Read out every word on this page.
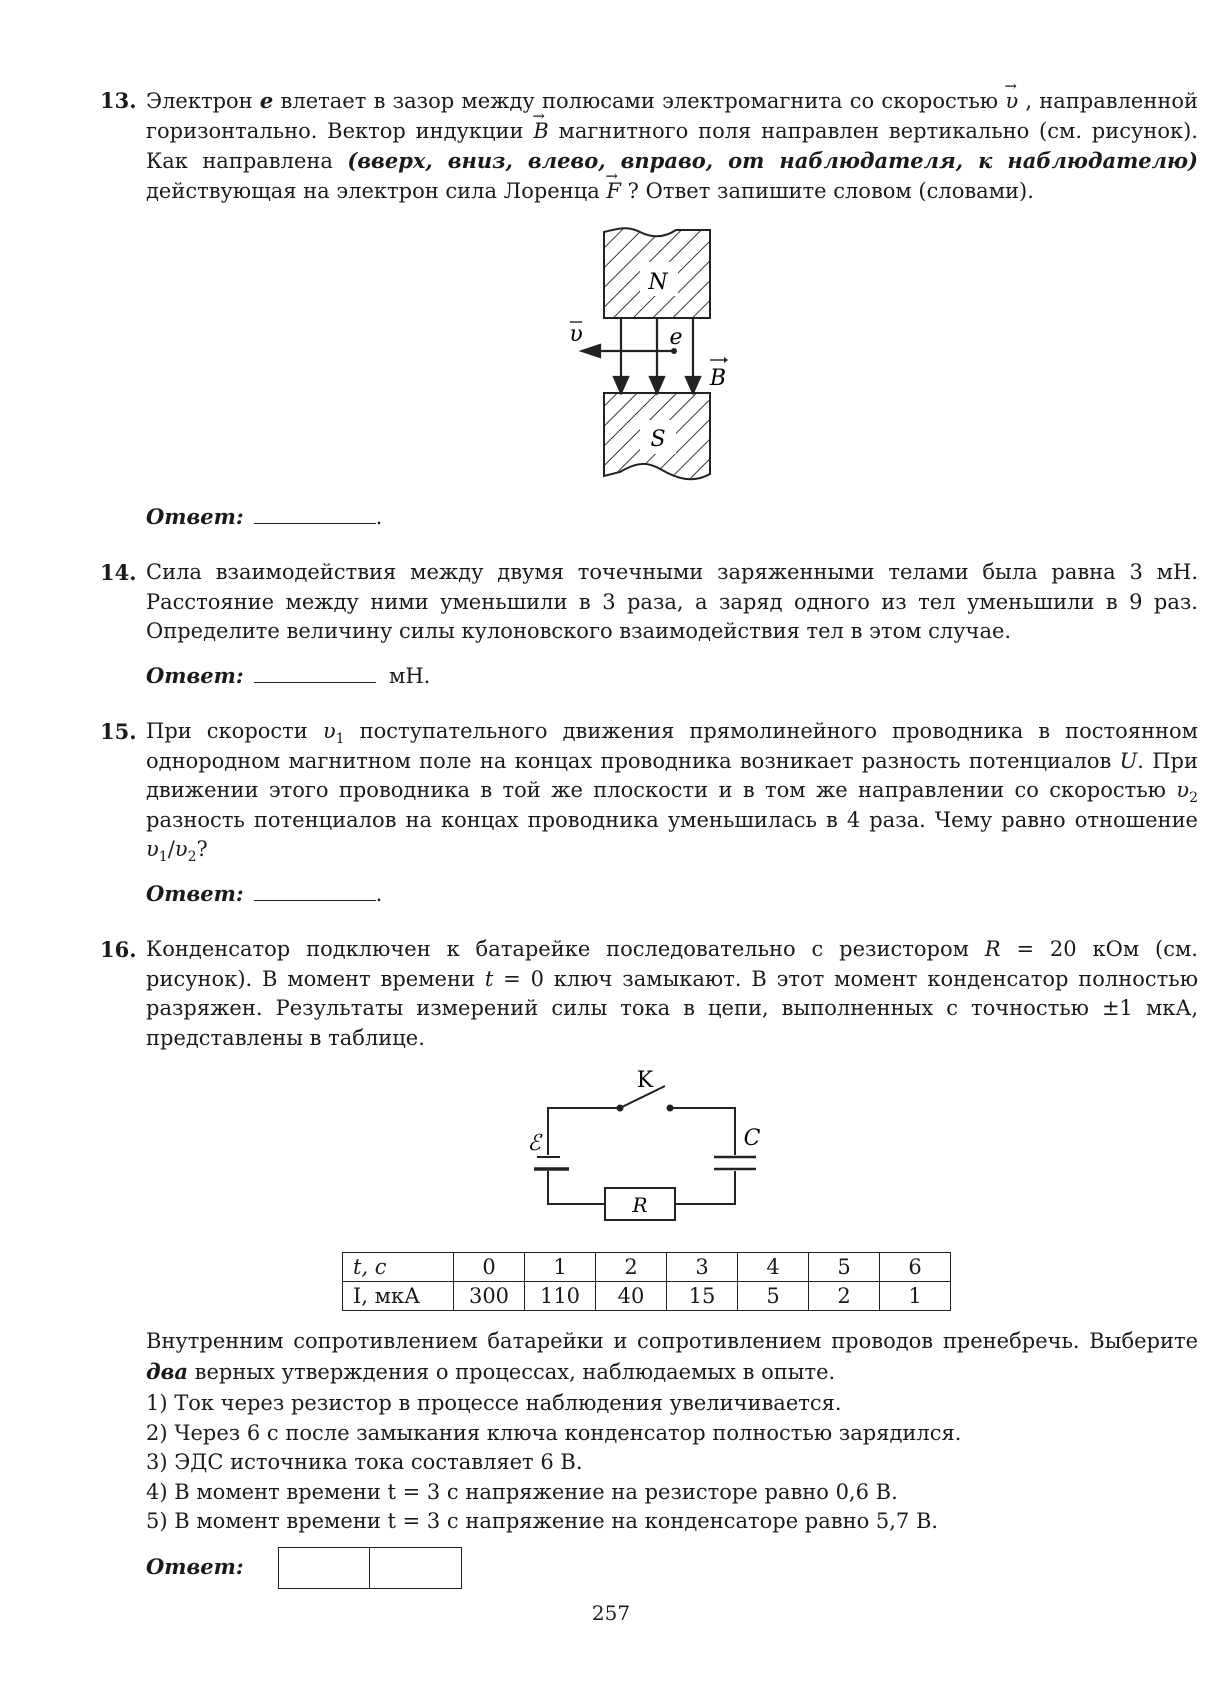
13. Электрон e влетает в зазор между полюсами электромагнита со скоростью → υ , направленной горизонтально. Вектор индукции → B магнитного поля направлен вертикально (см. рисунок). Как направлена (вверх, вниз, влево, вправо, от наблюдателя, к наблюдателю) действующая на электрон сила Лоренца → F ? Ответ запишите словом (словами).
N
S
υ	e
B
Ответ:	.
14. Сила взаимодействия между двумя точечными заряженными телами была равна 3 мН. Расстояние между ними уменьшили в 3 раза, а заряд одного из тел уменьшили в 9 раз. Определите величину силы кулоновского взаимодействия тел в этом случае.
Ответ:	мН.
15. При скорости $\upsilon_1$ поступательного движения прямолинейного проводника в постоянном однородном магнитном поле на концах проводника возникает разность потенциалов U. При движении этого проводника в той же плоскости и в том же направлении со скоростью $\upsilon_2$ разность потенциалов на концах проводника уменьшилась в 4 раза. Чему равно отношение $\upsilon_1/\upsilon_2$?
Ответ:	.
16. Конденсатор подключен к батарейке последовательно с резистором R = 20 кОм (см. рисунок). В момент времени t = 0 ключ замыкают. В этот момент конденсатор полностью разряжен. Результаты измерений силы тока в цепи, выполненных с точностью ±1 мкА, представлены в таблице.
K
ℰ	C
R
t, с	0	1	2	3	4	5	6
I, мкА	300	110	40	15	5	2	1
Внутренним сопротивлением батарейки и сопротивлением проводов пренебречь. Выберите два верных утверждения о процессах, наблюдаемых в опыте.

1) Ток через резистор в процессе наблюдения увеличивается.

2) Через 6 с после замыкания ключа конденсатор полностью зарядился.

3) ЭДС источника тока составляет 6 В.

4) В момент времени t = 3 с напряжение на резисторе равно 0,6 В.

5) В момент времени t = 3 с напряжение на конденсаторе равно 5,7 В.

Ответ:
257
